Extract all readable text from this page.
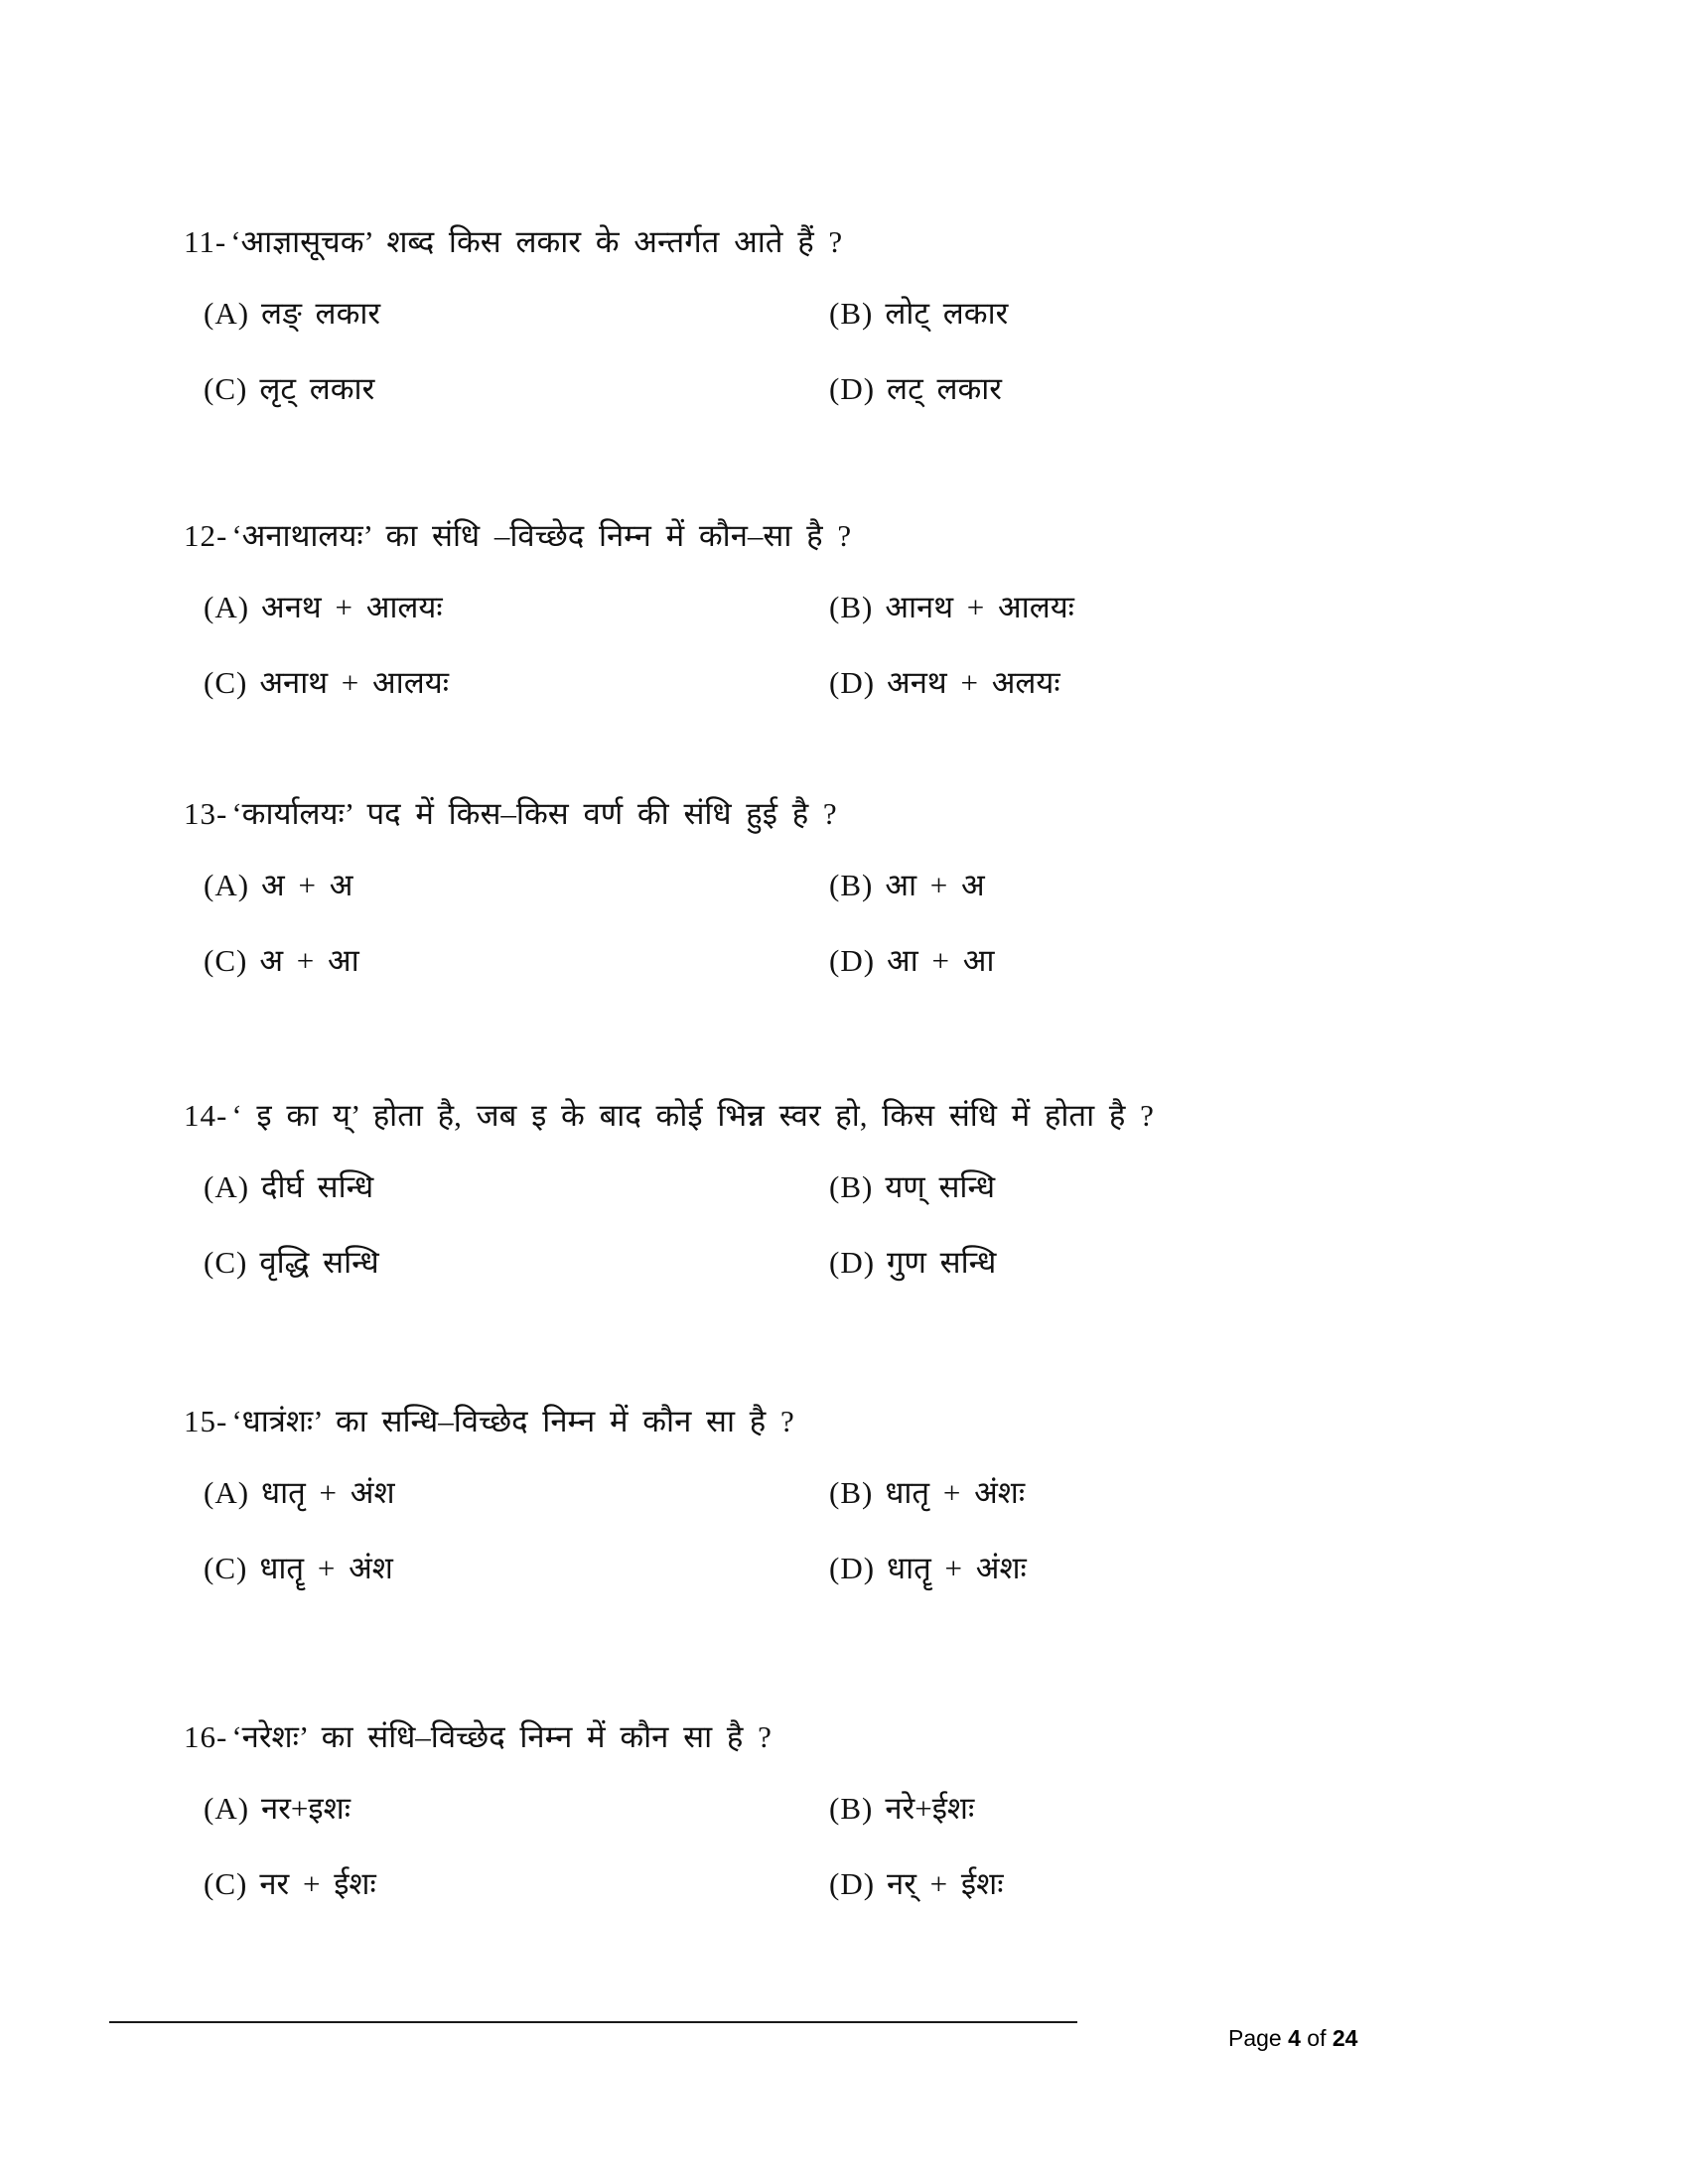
11- ‘आज्ञासूचक’ शब्द किस लकार के अन्तर्गत आते हैं ?
(A) लङ् लकार	(B) लोट् लकार
(C) लृट् लकार	(D) लट् लकार
12- ‘अनाथालयः’ का संधि –विच्छेद निम्न में कौन–सा है ?
(A) अनथ + आलयः	(B) आनथ + आलयः
(C) अनाथ + आलयः	(D) अनथ + अलयः
13- ‘कार्यालयः’ पद में किस–किस वर्ण की संधि हुई है ?
(A) अ + अ	(B) आ + अ
(C) अ + आ	(D) आ + आ
14- ‘ इ का य्’ होता है, जब इ के बाद कोई भिन्न स्वर हो, किस संधि में होता है ?
(A) दीर्घ सन्धि	(B) यण् सन्धि
(C) वृद्धि सन्धि	(D) गुण सन्धि
15- ‘धात्रंशः’ का सन्धि–विच्छेद निम्न में कौन सा है ?
(A) धातृ + अंश	(B) धातृ + अंशः
(C) धातॄ + अंश	(D) धातॄ + अंशः
16- ‘नरेशः’ का संधि–विच्छेद निम्न में कौन सा है ?
(A) नर+इशः	(B) नरे+ईशः
(C) नर + ईशः	(D) नर् + ईशः
Page 4 of 24
